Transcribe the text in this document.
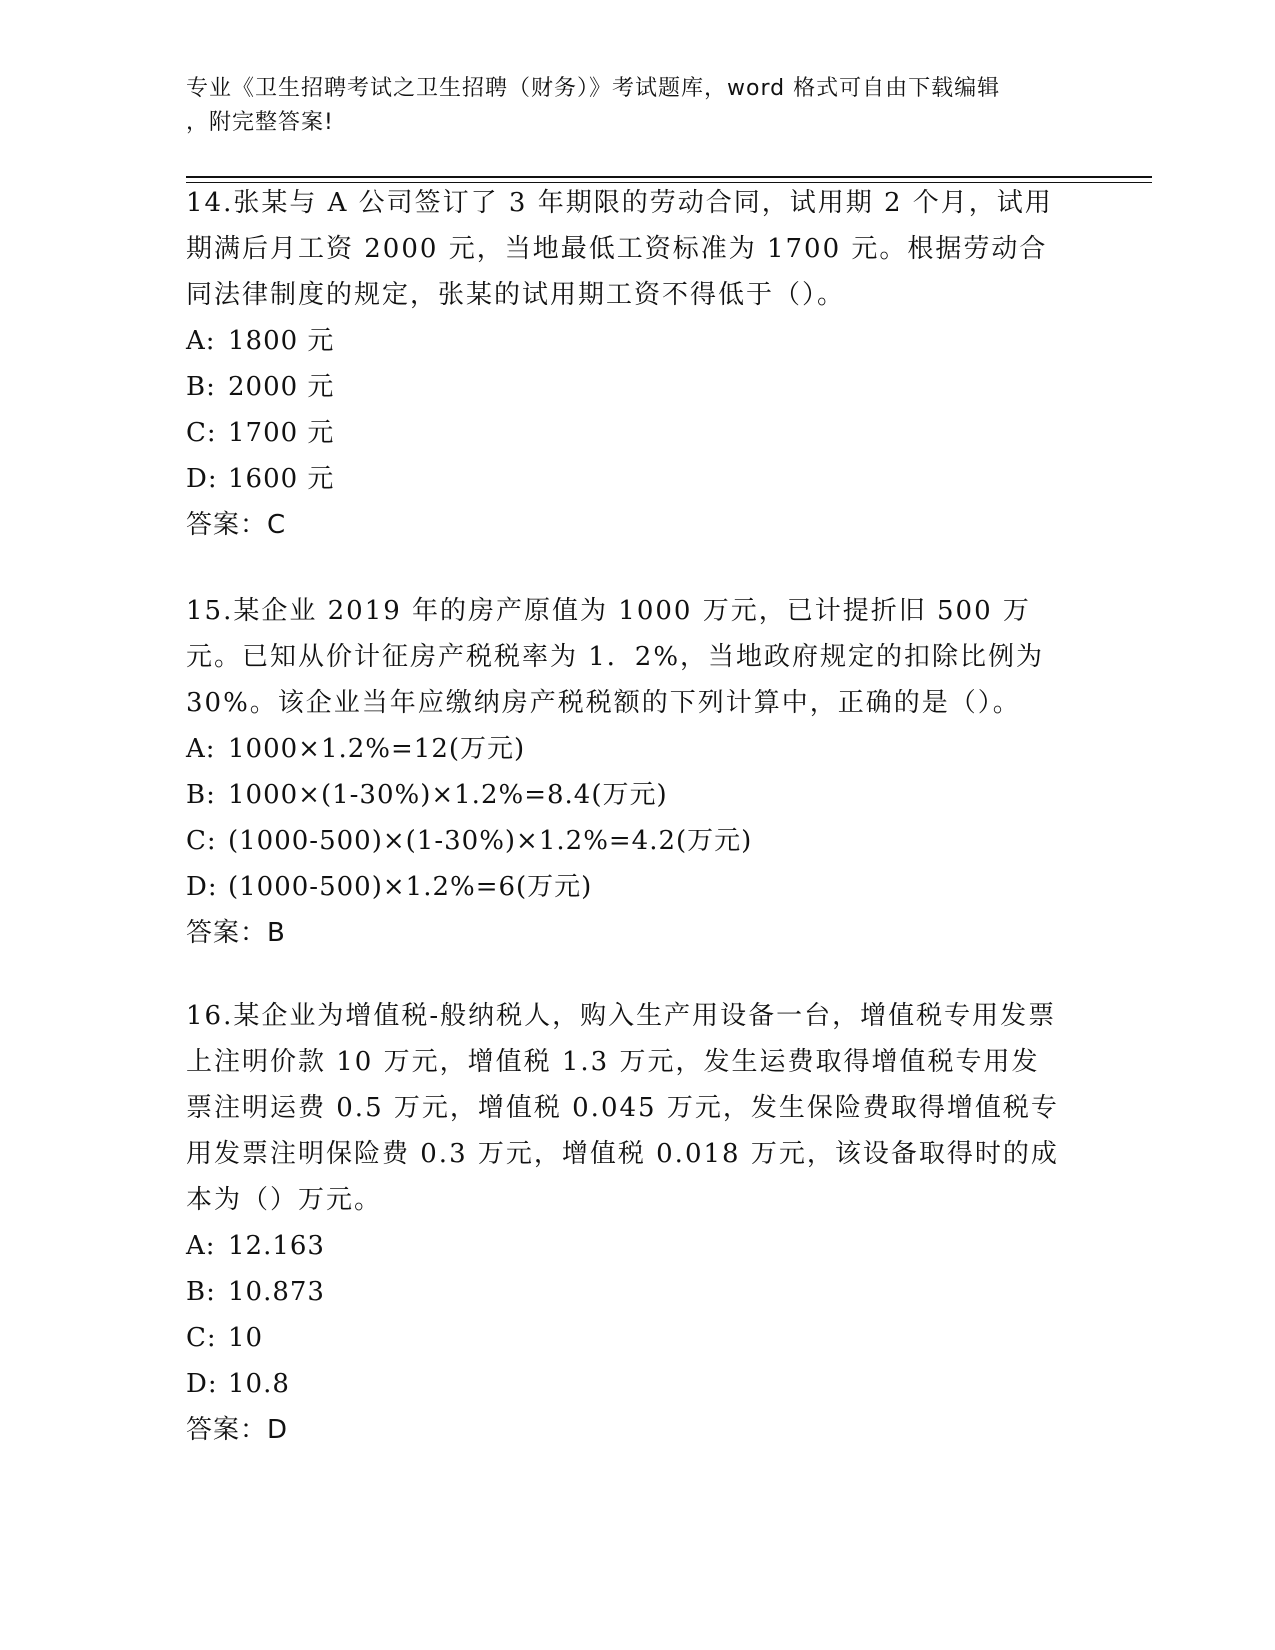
专业《卫生招聘考试之卫生招聘（财务）》考试题库，word 格式可自由下载编辑
，附完整答案!

14.张某与 A 公司签订了 3 年期限的劳动合同，试用期 2 个月，试用期满后月工资 2000 元，当地最低工资标准为 1700 元。根据劳动合同法律制度的规定，张某的试用期工资不得低于（）。

A: 1800 元

B: 2000 元

C: 1700 元

D: 1600 元

答案：C

15.某企业 2019 年的房产原值为 1000 万元，已计提折旧 500 万元。已知从价计征房产税税率为 1．2%，当地政府规定的扣除比例为 30%。该企业当年应缴纳房产税税额的下列计算中，正确的是（）。

A: 1000×1.2%=12(万元)

B: 1000×(1-30%)×1.2%=8.4(万元)

C: (1000-500)×(1-30%)×1.2%=4.2(万元)

D: (1000-500)×1.2%=6(万元)

答案：B

16.某企业为增值税-般纳税人，购入生产用设备一台，增值税专用发票上注明价款 10 万元，增值税 1.3 万元，发生运费取得增值税专用发票注明运费 0.5 万元，增值税 0.045 万元，发生保险费取得增值税专用发票注明保险费 0.3 万元，增值税 0.018 万元，该设备取得时的成本为（）万元。

A: 12.163

B: 10.873

C: 10

D: 10.8

答案：D
